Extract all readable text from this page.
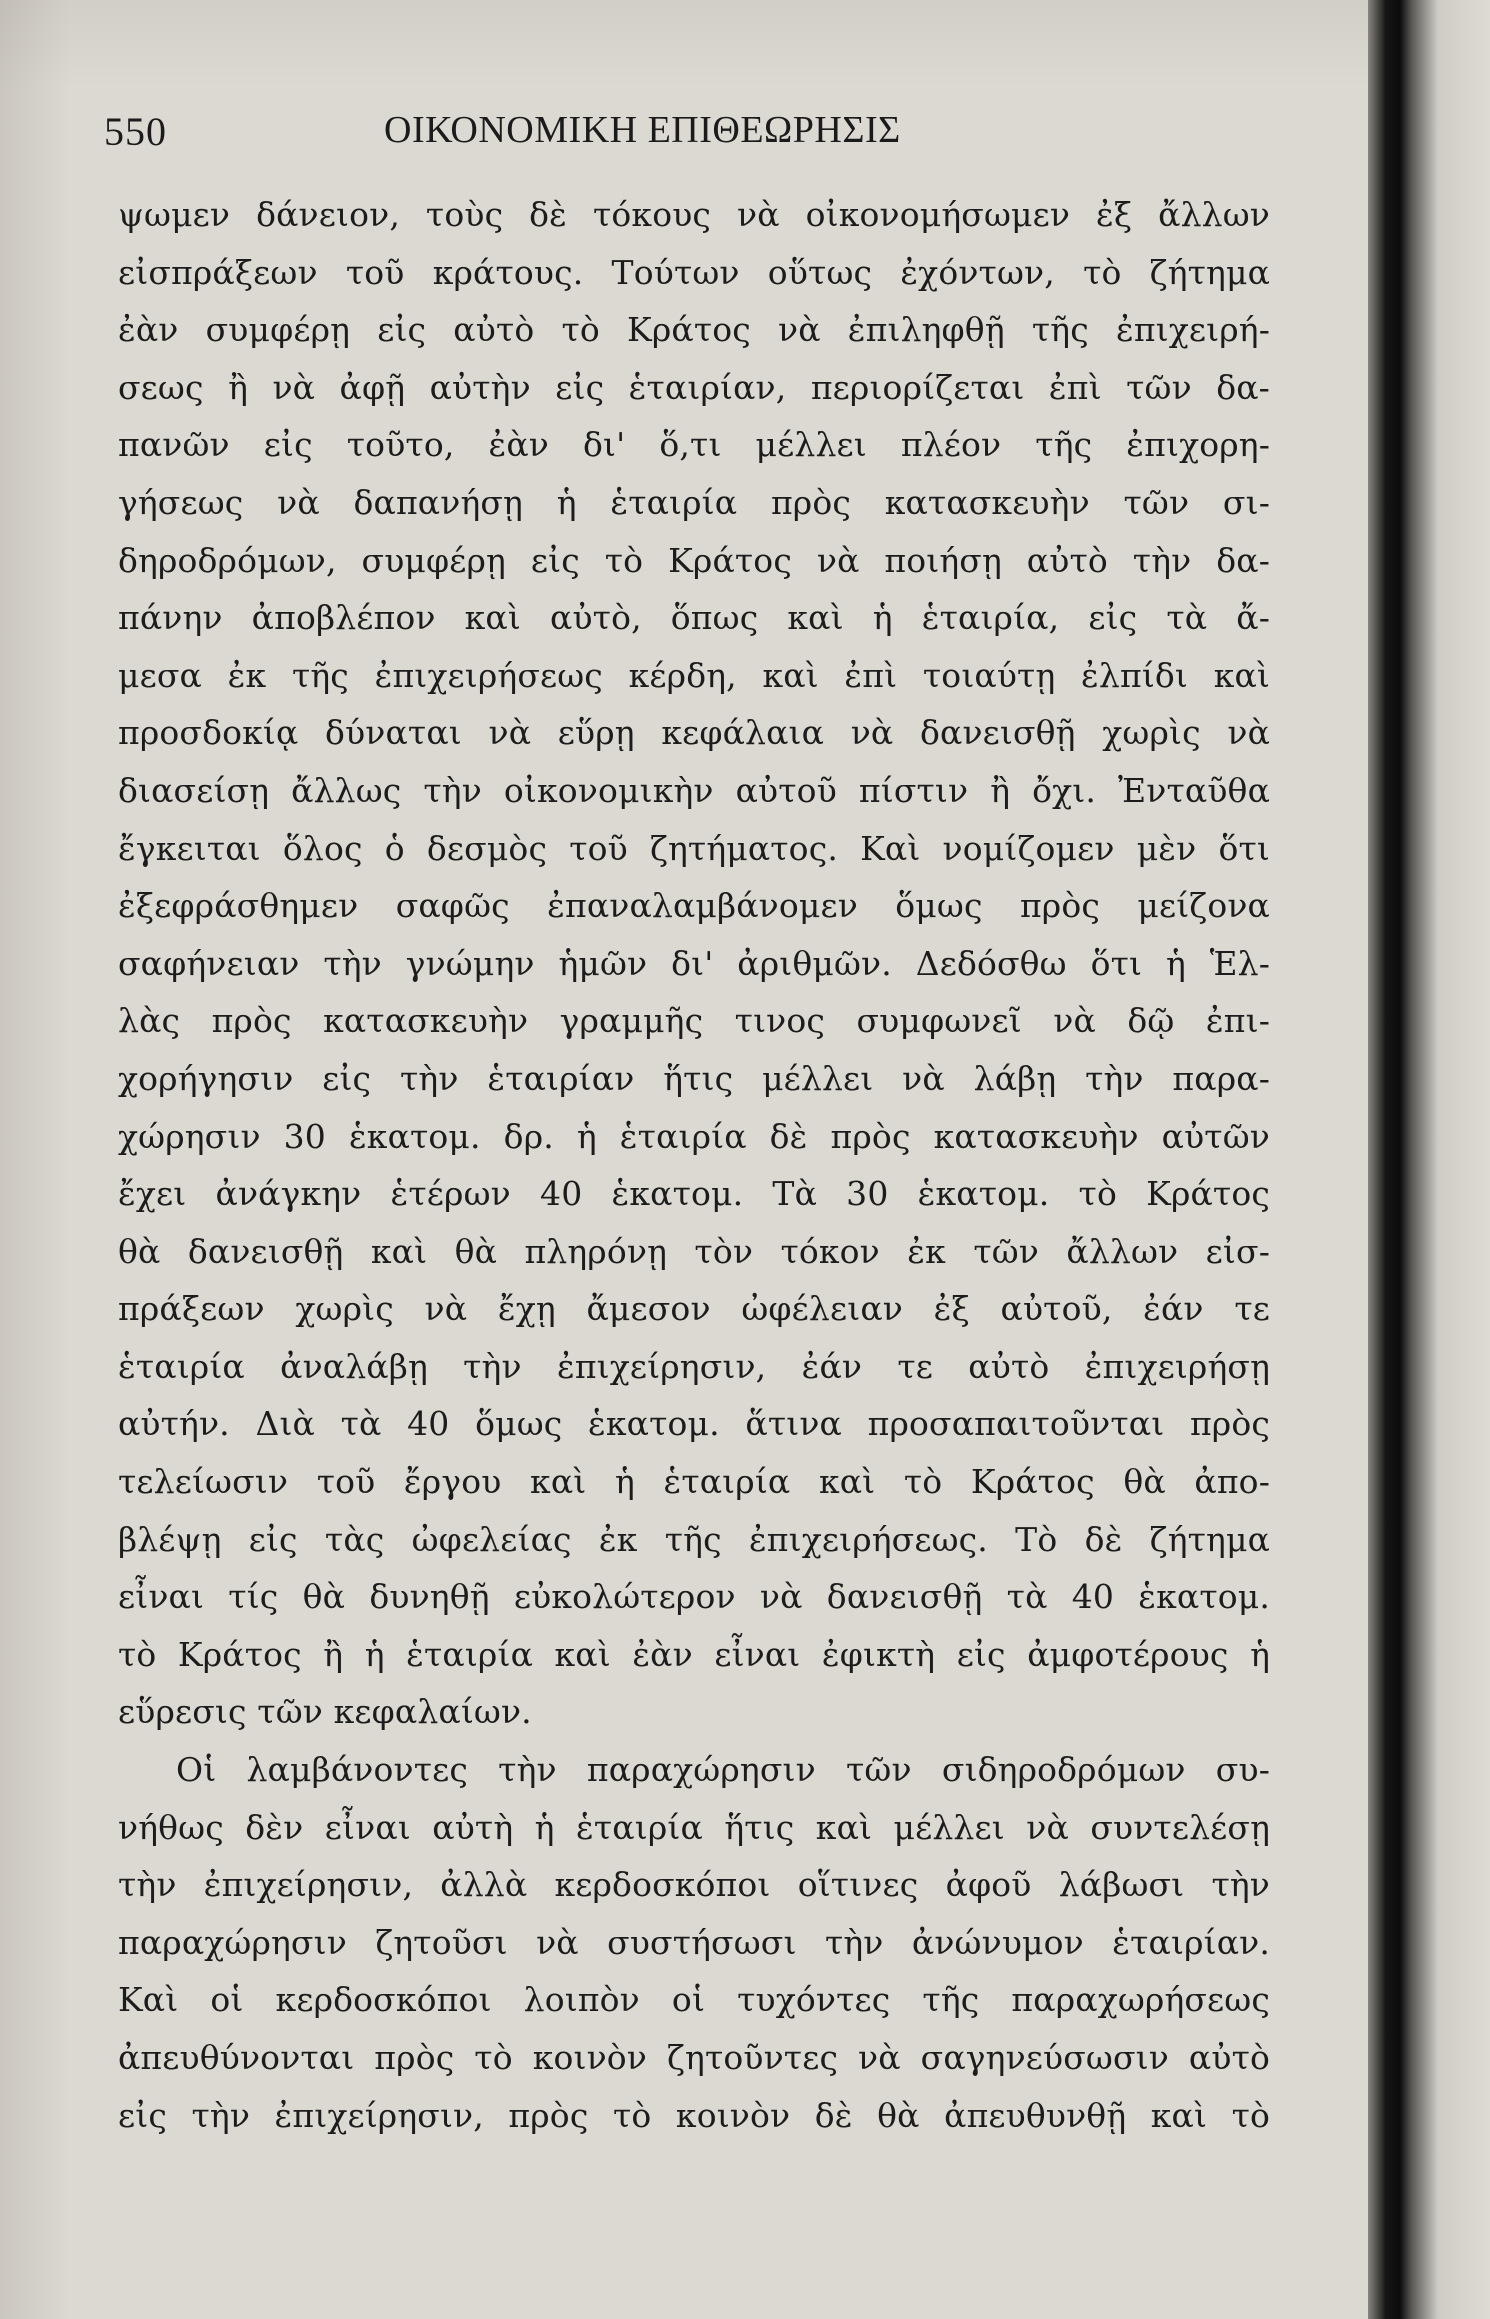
550	ΟΙΚΟΝΟΜΙΚΗ ΕΠΙΘΕΩΡΗΣΙΣ

ψωμεν δάνειον, τοὺς δὲ τόκους νὰ οἰκονομήσωμεν ἐξ ἄλλων
εἰσπράξεων τοῦ κράτους. Τούτων οὕτως ἐχόντων, τὸ ζήτημα
ἐὰν συμφέρῃ εἰς αὐτὸ τὸ Κράτος νὰ ἐπιληφθῇ τῆς ἐπιχειρή-
σεως ἢ νὰ ἀφῇ αὐτὴν εἰς ἑταιρίαν, περιορίζεται ἐπὶ τῶν δα-
πανῶν εἰς τοῦτο, ἐὰν δι' ὅ,τι μέλλει πλέον τῆς ἐπιχορη-
γήσεως νὰ δαπανήσῃ ἡ ἑταιρία πρὸς κατασκευὴν τῶν σι-
δηροδρόμων, συμφέρῃ εἰς τὸ Κράτος νὰ ποιήσῃ αὐτὸ τὴν δα-
πάνην ἀποβλέπον καὶ αὐτὸ, ὅπως καὶ ἡ ἑταιρία, εἰς τὰ ἄ-
μεσα ἐκ τῆς ἐπιχειρήσεως κέρδη, καὶ ἐπὶ τοιαύτῃ ἐλπίδι καὶ
προσδοκίᾳ δύναται νὰ εὕρῃ κεφάλαια νὰ δανεισθῇ χωρὶς νὰ
διασείσῃ ἄλλως τὴν οἰκονομικὴν αὐτοῦ πίστιν ἢ ὄχι. Ἐνταῦθα
ἔγκειται ὅλος ὁ δεσμὸς τοῦ ζητήματος. Καὶ νομίζομεν μὲν ὅτι
ἐξεφράσθημεν σαφῶς ἐπαναλαμβάνομεν ὅμως πρὸς μείζονα
σαφήνειαν τὴν γνώμην ἡμῶν δι' ἀριθμῶν. Δεδόσθω ὅτι ἡ Ἑλ-
λὰς πρὸς κατασκευὴν γραμμῆς τινος συμφωνεῖ νὰ δῷ ἐπι-
χορήγησιν εἰς τὴν ἑταιρίαν ἥτις μέλλει νὰ λάβῃ τὴν παρα-
χώρησιν 30 ἑκατομ. δρ. ἡ ἑταιρία δὲ πρὸς κατασκευὴν αὐτῶν
ἔχει ἀνάγκην ἑτέρων 40 ἑκατομ. Τὰ 30 ἑκατομ. τὸ Κράτος
θὰ δανεισθῇ καὶ θὰ πληρόνῃ τὸν τόκον ἐκ τῶν ἄλλων εἰσ-
πράξεων χωρὶς νὰ ἔχῃ ἄμεσον ὠφέλειαν ἐξ αὐτοῦ, ἐάν τε
ἑταιρία ἀναλάβῃ τὴν ἐπιχείρησιν, ἐάν τε αὐτὸ ἐπιχειρήσῃ
αὐτήν. Διὰ τὰ 40 ὅμως ἑκατομ. ἅτινα προσαπαιτοῦνται πρὸς
τελείωσιν τοῦ ἔργου καὶ ἡ ἑταιρία καὶ τὸ Κράτος θὰ ἀπο-
βλέψῃ εἰς τὰς ὠφελείας ἐκ τῆς ἐπιχειρήσεως. Τὸ δὲ ζήτημα
εἶναι τίς θὰ δυνηθῇ εὐκολώτερον νὰ δανεισθῇ τὰ 40 ἑκατομ.
τὸ Κράτος ἢ ἡ ἑταιρία καὶ ἐὰν εἶναι ἐφικτὴ εἰς ἀμφοτέρους ἡ
εὕρεσις τῶν κεφαλαίων.

Οἱ λαμβάνοντες τὴν παραχώρησιν τῶν σιδηροδρόμων συ-
νήθως δὲν εἶναι αὐτὴ ἡ ἑταιρία ἥτις καὶ μέλλει νὰ συντελέσῃ
τὴν ἐπιχείρησιν, ἀλλὰ κερδοσκόποι οἵτινες ἀφοῦ λάβωσι τὴν
παραχώρησιν ζητοῦσι νὰ συστήσωσι τὴν ἀνώνυμον ἑταιρίαν.
Καὶ οἱ κερδοσκόποι λοιπὸν οἱ τυχόντες τῆς παραχωρήσεως
ἀπευθύνονται πρὸς τὸ κοινὸν ζητοῦντες νὰ σαγηνεύσωσιν αὐτὸ
εἰς τὴν ἐπιχείρησιν, πρὸς τὸ κοινὸν δὲ θὰ ἀπευθυνθῇ καὶ τὸ
